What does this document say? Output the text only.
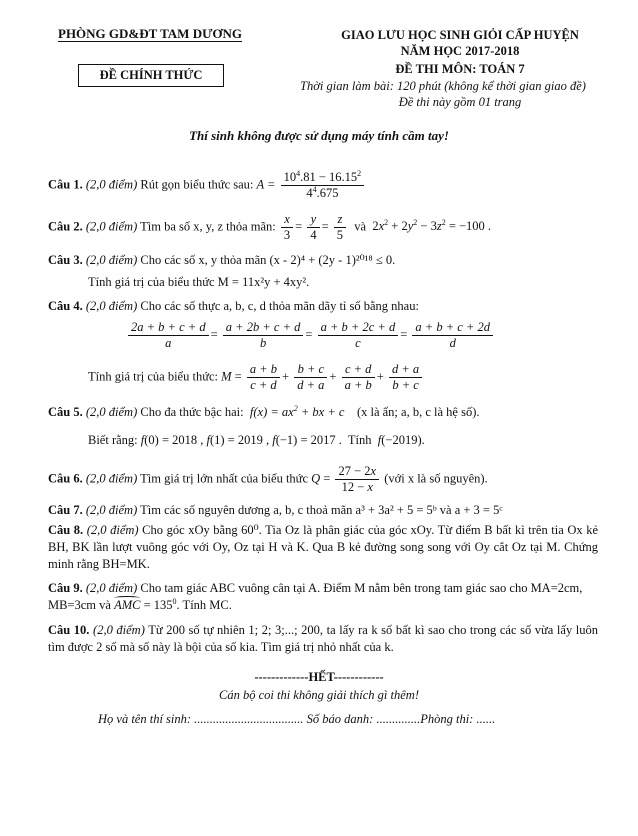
PHÒNG GD&ĐT TAM DƯƠNG
ĐỀ CHÍNH THỨC
GIAO LƯU HỌC SINH GIỎI CẤP HUYỆN
NĂM HỌC 2017-2018
ĐỀ THI MÔN: TOÁN 7
Thời gian làm bài: 120 phút (không kể thời gian giao đề)
Đề thi này gồm 01 trang
Thí sinh không được sử dụng máy tính cầm tay!
Câu 1. (2,0 điểm) Rút gọn biểu thức sau: $A = \frac{10^4.81 - 16.15^2}{4^4.675}$
Câu 2. (2,0 điểm) Tìm ba số x, y, z thỏa mãn: $\frac{x}{3} = \frac{y}{4} = \frac{z}{5}$ và  $2x^2 + 2y^2 - 3z^2 = -100$ .
Câu 3. (2,0 điểm) Cho các số x, y thỏa mãn (x - 2)⁴ + (2y - 1)²⁰¹⁸ ≤ 0.
Tính giá trị của biểu thức M = 11x²y + 4xy².
Câu 4. (2,0 điểm) Cho các số thực a, b, c, d thỏa mãn dãy tỉ số bằng nhau:
$\frac{2a + b + c + d}{a} = \frac{a + 2b + c + d}{b} = \frac{a + b + 2c + d}{c} = \frac{a + b + c + 2d}{d}$
Tính giá trị của biểu thức: $M = \frac{a + b}{c + d} + \frac{b + c}{d + a} + \frac{c + d}{a + b} + \frac{d + a}{b + c}$
Câu 5. (2,0 điểm) Cho đa thức bậc hai:  $f(x) = ax^2$ + bx + c    (x là ẩn; a, b, c là hệ số).
Biết rằng: f(0) = 2018 , f(1) = 2019 , f(−1) = 2017 .  Tính  f(−2019).
Câu 6. (2,0 điểm) Tìm giá trị lớn nhất của biểu thức $Q = \frac{27 - 2x}{12 - x}$ (với x là số nguyên).
Câu 7. (2,0 điểm) Tìm các số nguyên dương a, b, c thoả mãn a³ + 3a² + 5 = 5ᵇ và a + 3 = 5ᶜ
Câu 8. (2,0 điểm) Cho góc xOy bằng 60⁰. Tia Oz là phân giác của góc xOy. Từ điểm B bất kì trên tia Ox kẻ BH, BK lần lượt vuông góc với Oy, Oz tại H và K. Qua B kẻ đường song song với Oy cắt Oz tại M. Chứng minh rằng BH=MK.
Câu 9. (2,0 điểm) Cho tam giác ABC vuông cân tại A. Điểm M nằm bên trong tam giác sao cho MA=2cm, MB=3cm và AMC = $135^0$. Tính MC.
Câu 10. (2,0 điểm) Từ 200 số tự nhiên 1; 2; 3;...; 200, ta lấy ra k số bất kì sao cho trong các số vừa lấy luôn tìm được 2 số mà số này là bội của số kia. Tìm giá trị nhỏ nhất của k.
-------------HẾT------------
Cán bộ coi thi không giải thích gì thêm!
Họ và tên thí sinh: ................................... Số báo danh: ..............Phòng thi: ......
